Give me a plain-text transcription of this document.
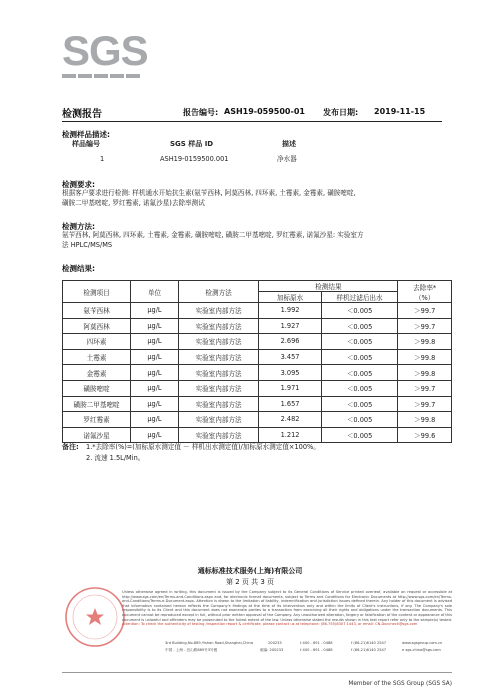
SGS
检测报告	报告编号: ASH19-059500-01 发布日期: 2019-11-15
检测样品描述:
样品编号	SGS 样品 ID	描述
1	ASH19-0159500.001	净水器
检测要求:
根据客户要求进行检测: 样机通水开始抗生素(氨苄西林, 阿莫西林, 四环素, 土霉素, 金霉素, 磺胺嘧啶,
磺胺二甲基嘧啶, 罗红霉素, 诺氟沙星)去除率测试
检测方法:
氨苄西林, 阿莫西林, 四环素, 土霉素, 金霉素, 磺胺嘧啶, 磺胺二甲基嘧啶, 罗红霉素, 诺氟沙星: 实验室方
法 HPLC/MS/MS
检测结果:
检测项目	单位	检测方法	检测结果		去除率*
（%）

			加标原水	样机过滤后出水	
氨苄西林	μg/L	实验室内部方法	1.992	＜0.005	＞99.7
阿莫西林	μg/L	实验室内部方法	1.927	＜0.005	＞99.7
四环素	μg/L	实验室内部方法	2.696	＜0.005	＞99.8
土霉素	μg/L	实验室内部方法	3.457	＜0.005	＞99.8
金霉素	μg/L	实验室内部方法	3.095	＜0.005	＞99.8
磺胺嘧啶	μg/L	实验室内部方法	1.971	＜0.005	＞99.7
磺胺二甲基嘧啶	μg/L	实验室内部方法	1.657	＜0.005	＞99.7
罗红霉素	μg/L	实验室内部方法	2.482	＜0.005	＞99.8
诺氟沙星	μg/L	实验室内部方法	1.212	＜0.005	＞99.6
备注: 1.*去除率(%)=(加标原水测定值 － 样机出水测定值)/加标原水测定值×100%。
2. 流速 1.5L/Min。
通标标准技术服务(上海)有限公司
第 2 页 共 3 页
Unless otherwise agreed in writing, this document is issued by the Company subject to its General Conditions of Service printed overleaf, available on request or accessible at http://www.sgs.com/en/Terms-and-Conditions.aspx and, for electronic format documents, subject to Terms and Conditions for Electronic Documents at http://www.sgs.com/en/Terms-and-Conditions/Terms-e-Document.aspx. Attention is drawn to the limitation of liability, indemnification and jurisdiction issues defined therein. Any holder of this document is advised that information contained hereon reflects the Company's findings at the time of its intervention only and within the limits of Client's instructions, if any. The Company's sole responsibility is to its Client and this document does not exonerate parties to a transaction from exercising all their rights and obligations under the transaction documents. This document cannot be reproduced except in full, without prior written approval of the Company. Any unauthorized alteration, forgery or falsification of the content or appearance of this document is unlawful and offenders may be prosecuted to the fullest extent of the law. Unless otherwise stated the results shown in this test report refer only to the sample(s) tested. Attention: To check the authenticity of testing /inspection report & certificate, please contact us at telephone: (86-755)8307 1443, or email: CN.Doccheck@sgs.com
3rd Building,No.889,Yishan Road,Shanghai,China	200233	t 400 - 691 - 0488	f (86-21)6140 2547	www.sgsgroup.com.cn
中国 - 上海 - 宜山路889号3号楼	邮编: 200233	t 400 - 691 - 0488	f (86-21)6140 2547	e sgs.china@sgs.com
Member of the SGS Group (SGS SA)
